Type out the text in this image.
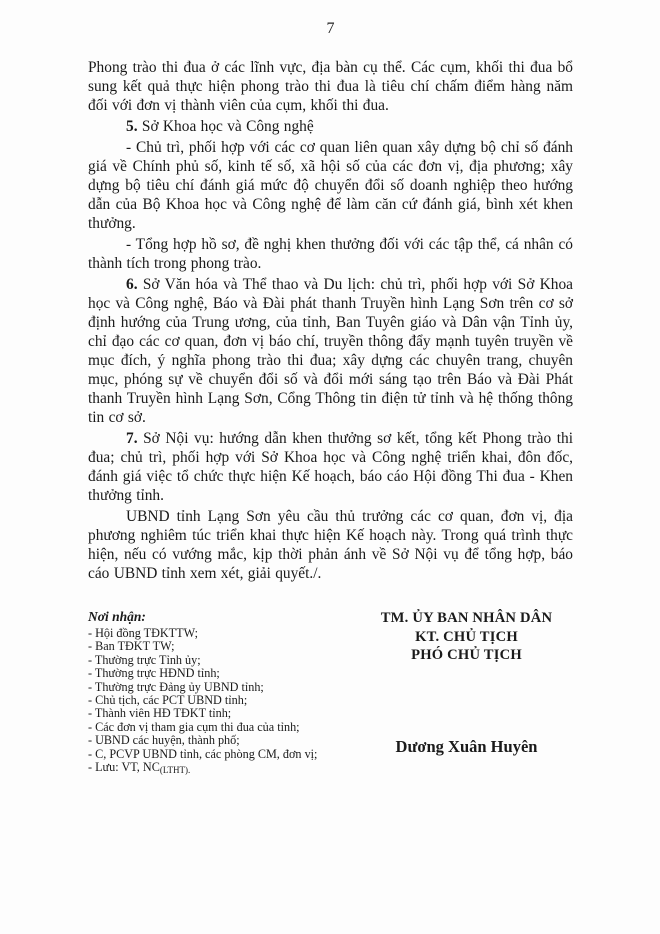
7

Phong trào thi đua ở các lĩnh vực, địa bàn cụ thể. Các cụm, khối thi đua bổ sung kết quả thực hiện phong trào thi đua là tiêu chí chấm điểm hàng năm đối với đơn vị thành viên của cụm, khối thi đua.

5. Sở Khoa học và Công nghệ

- Chủ trì, phối hợp với các cơ quan liên quan xây dựng bộ chỉ số đánh giá về Chính phủ số, kinh tế số, xã hội số của các đơn vị, địa phương; xây dựng bộ tiêu chí đánh giá mức độ chuyển đổi số doanh nghiệp theo hướng dẫn của Bộ Khoa học và Công nghệ để làm căn cứ đánh giá, bình xét khen thưởng.

- Tổng hợp hồ sơ, đề nghị khen thưởng đối với các tập thể, cá nhân có thành tích trong phong trào.

6. Sở Văn hóa và Thể thao và Du lịch: chủ trì, phối hợp với Sở Khoa học và Công nghệ, Báo và Đài phát thanh Truyền hình Lạng Sơn trên cơ sở định hướng của Trung ương, của tỉnh, Ban Tuyên giáo và Dân vận Tỉnh ủy, chỉ đạo các cơ quan, đơn vị báo chí, truyền thông đẩy mạnh tuyên truyền về mục đích, ý nghĩa phong trào thi đua; xây dựng các chuyên trang, chuyên mục, phóng sự về chuyển đổi số và đổi mới sáng tạo trên Báo và Đài Phát thanh Truyền hình Lạng Sơn, Cổng Thông tin điện tử tỉnh và hệ thống thông tin cơ sở.

7. Sở Nội vụ: hướng dẫn khen thưởng sơ kết, tổng kết Phong trào thi đua; chủ trì, phối hợp với Sở Khoa học và Công nghệ triển khai, đôn đốc, đánh giá việc tổ chức thực hiện Kế hoạch, báo cáo Hội đồng Thi đua - Khen thưởng tỉnh.

UBND tỉnh Lạng Sơn yêu cầu thủ trưởng các cơ quan, đơn vị, địa phương nghiêm túc triển khai thực hiện Kế hoạch này. Trong quá trình thực hiện, nếu có vướng mắc, kịp thời phản ánh về Sở Nội vụ để tổng hợp, báo cáo UBND tỉnh xem xét, giải quyết./.

Nơi nhận:
- Hội đồng TĐKTTW;
- Ban TĐKT TW;
- Thường trực Tỉnh ủy;
- Thường trực HĐND tỉnh;
- Thường trực Đảng ủy UBND tỉnh;
- Chủ tịch, các PCT UBND tỉnh;
- Thành viên HĐ TĐKT tỉnh;
- Các đơn vị tham gia cụm thi đua của tỉnh;
- UBND các huyện, thành phố;
- C, PCVP UBND tỉnh, các phòng CM, đơn vị;
- Lưu: VT, $NC_{(LTHT).}$
TM. ỦY BAN NHÂN DÂN
KT. CHỦ TỊCH
PHÓ CHỦ TỊCH
Dương Xuân Huyên
